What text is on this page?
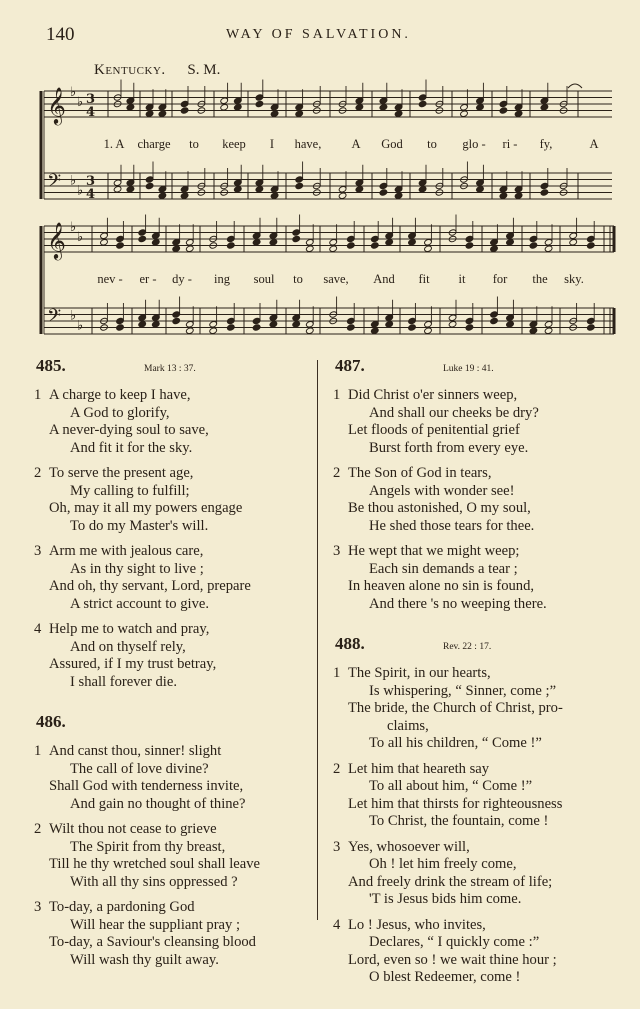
140	WAY OF SALVATION.
Kentucky. S. M.
𝄞 ♭
♭ 3
4
𝄢 ♭
♭
3
4
𝄞 ♭
♭
𝄢 ♭
♭
1. A charge to keep I have, A God to glo - ri - fy,	A
nev - er - dy - ing soul to save, And fit it for the sky.
485.	Mark 13 : 37.
1 A charge to keep I have,
A God to glorify,
A never-dying soul to save,
And fit it for the sky.
2 To serve the present age,
My calling to fulfill;
Oh, may it all my powers engage
To do my Master's will.
3 Arm me with jealous care,
As in thy sight to live ;
And oh, thy servant, Lord, prepare
A strict account to give.
4 Help me to watch and pray,
And on thyself rely,
Assured, if I my trust betray,
I shall forever die.
486.
1 And canst thou, sinner! slight
The call of love divine?
Shall God with tenderness invite,
And gain no thought of thine?
2 Wilt thou not cease to grieve
The Spirit from thy breast,
Till he thy wretched soul shall leave
With all thy sins oppressed ?
3 To-day, a pardoning God
Will hear the suppliant pray ;
To-day, a Saviour's cleansing blood
Will wash thy guilt away.
487.	Luke 19 : 41.
1 Did Christ o'er sinners weep,
And shall our cheeks be dry?
Let floods of penitential grief
Burst forth from every eye.
2 The Son of God in tears,
Angels with wonder see!
Be thou astonished, O my soul,
He shed those tears for thee.
3 He wept that we might weep;
Each sin demands a tear ;
In heaven alone no sin is found,
And there 's no weeping there.
488.	Rev. 22 : 17.
1 The Spirit, in our hearts,
Is whispering, “ Sinner, come ;”
The bride, the Church of Christ, pro-
claims,
To all his children, “ Come !”
2 Let him that heareth say
To all about him, “ Come !”
Let him that thirsts for righteousness
To Christ, the fountain, come !
3 Yes, whosoever will,
Oh ! let him freely come,
And freely drink the stream of life;
'T is Jesus bids him come.
4 Lo ! Jesus, who invites,
Declares, “ I quickly come :”
Lord, even so ! we wait thine hour ;
O blest Redeemer, come !
